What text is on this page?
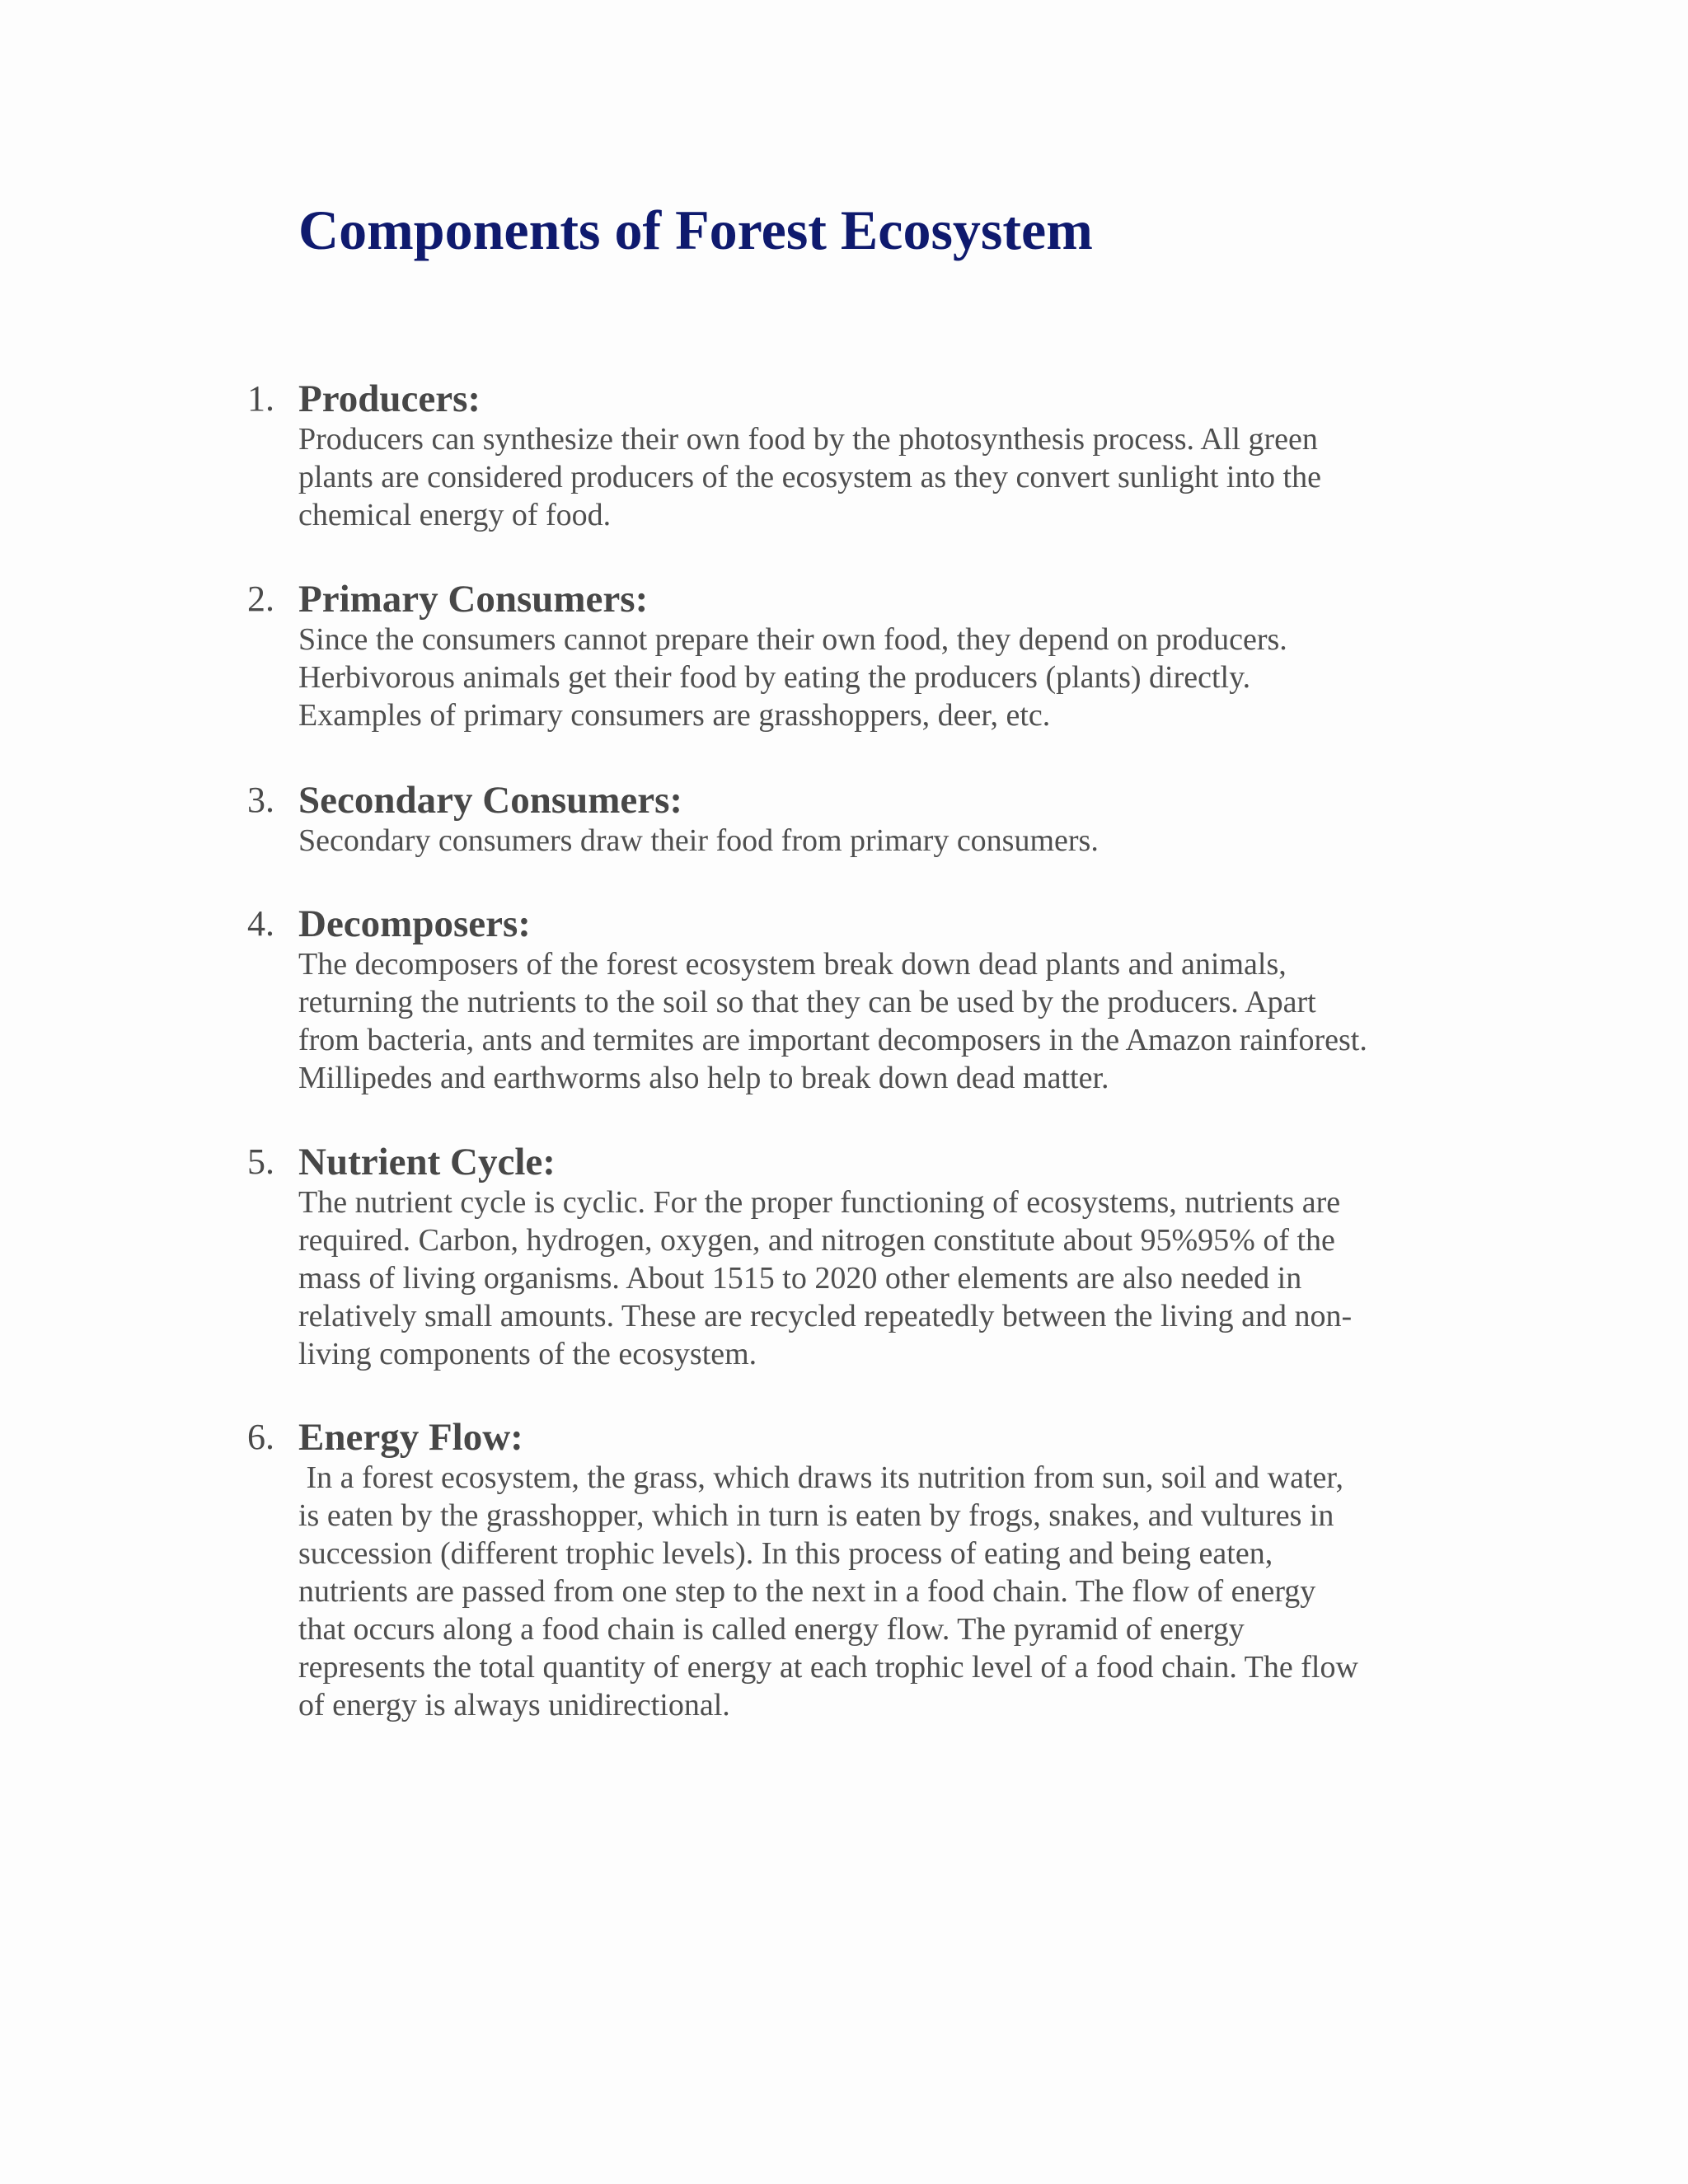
Components of Forest Ecosystem
1. Producers:
Producers can synthesize their own food by the photosynthesis process. All green
plants are considered producers of the ecosystem as they convert sunlight into the
chemical energy of food.
2. Primary Consumers:
Since the consumers cannot prepare their own food, they depend on producers.
Herbivorous animals get their food by eating the producers (plants) directly.
Examples of primary consumers are grasshoppers, deer, etc.
3. Secondary Consumers:
Secondary consumers draw their food from primary consumers.
4. Decomposers:
The decomposers of the forest ecosystem break down dead plants and animals,
returning the nutrients to the soil so that they can be used by the producers. Apart
from bacteria, ants and termites are important decomposers in the Amazon rainforest.
Millipedes and earthworms also help to break down dead matter.
5. Nutrient Cycle:
The nutrient cycle is cyclic. For the proper functioning of ecosystems, nutrients are
required. Carbon, hydrogen, oxygen, and nitrogen constitute about 95%95% of the
mass of living organisms. About 1515 to 2020 other elements are also needed in
relatively small amounts. These are recycled repeatedly between the living and non-
living components of the ecosystem.
6. Energy Flow:
In a forest ecosystem, the grass, which draws its nutrition from sun, soil and water,
is eaten by the grasshopper, which in turn is eaten by frogs, snakes, and vultures in
succession (different trophic levels). In this process of eating and being eaten,
nutrients are passed from one step to the next in a food chain. The flow of energy
that occurs along a food chain is called energy flow. The pyramid of energy
represents the total quantity of energy at each trophic level of a food chain. The flow
of energy is always unidirectional.
